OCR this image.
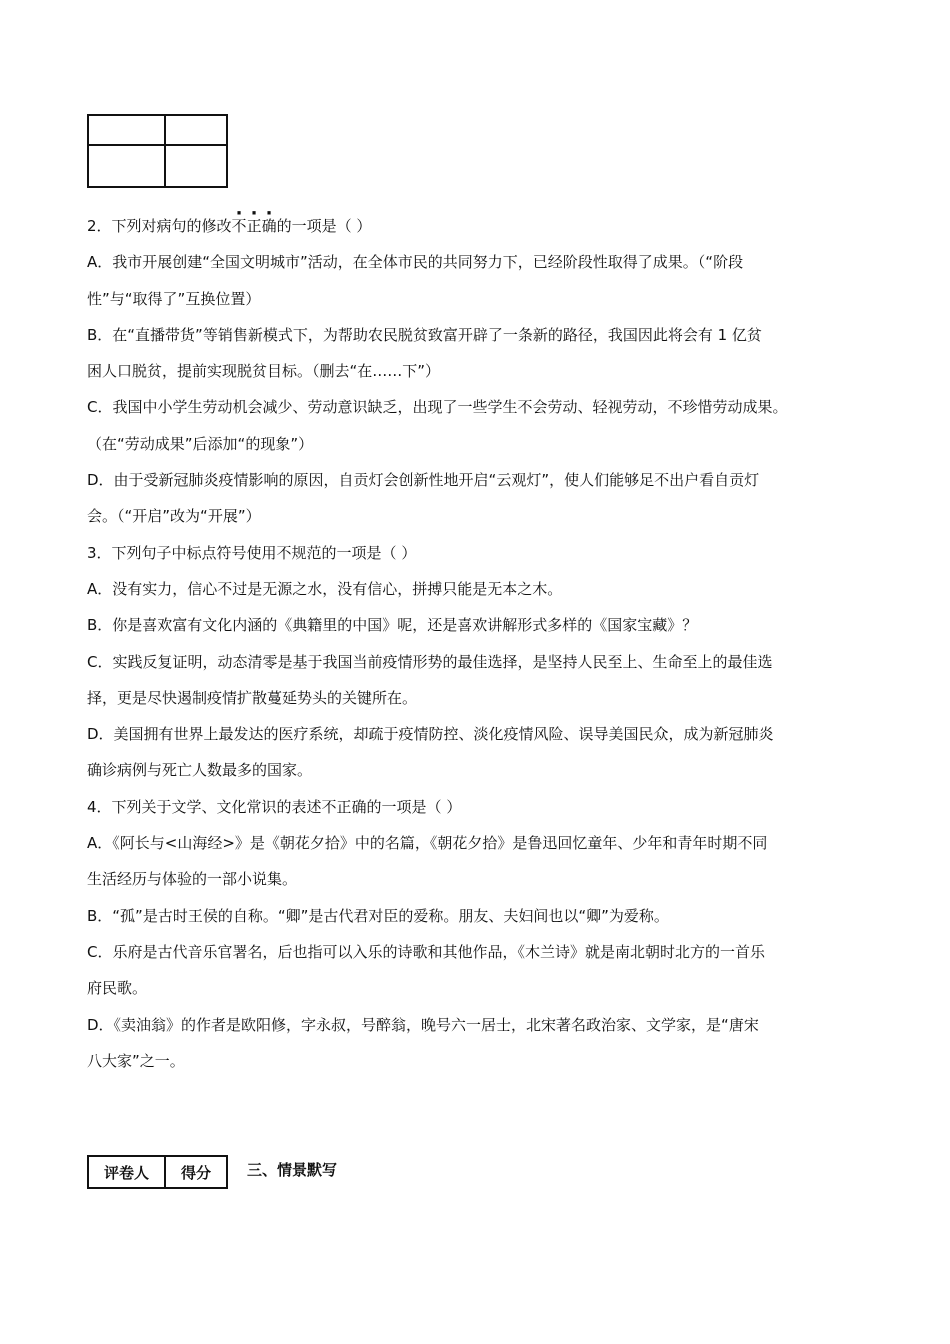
2．下列对病句的修改不正确的一项是（ ）
A．我市开展创建“全国文明城市”活动，在全体市民的共同努力下，已经阶段性取得了成果。（“阶段
性”与“取得了”互换位置）
B．在“直播带货”等销售新模式下，为帮助农民脱贫致富开辟了一条新的路径，我国因此将会有 1 亿贫
困人口脱贫，提前实现脱贫目标。（删去“在……下”）
C．我国中小学生劳动机会减少、劳动意识缺乏，出现了一些学生不会劳动、轻视劳动，不珍惜劳动成果。
（在“劳动成果”后添加“的现象”）
D．由于受新冠肺炎疫情影响的原因，自贡灯会创新性地开启“云观灯”，使人们能够足不出户看自贡灯
会。（“开启”改为“开展”）
3．下列句子中标点符号使用不规范的一项是（ ）
A．没有实力，信心不过是无源之水，没有信心，拼搏只能是无本之木。
B．你是喜欢富有文化内涵的《典籍里的中国》呢，还是喜欢讲解形式多样的《国家宝藏》？
C．实践反复证明，动态清零是基于我国当前疫情形势的最佳选择，是坚持人民至上、生命至上的最佳选
择，更是尽快遏制疫情扩散蔓延势头的关键所在。
D．美国拥有世界上最发达的医疗系统，却疏于疫情防控、淡化疫情风险、误导美国民众，成为新冠肺炎
确诊病例与死亡人数最多的国家。
4．下列关于文学、文化常识的表述不正确的一项是（ ）
A．《阿长与<山海经>》是《朝花夕拾》中的名篇，《朝花夕拾》是鲁迅回忆童年、少年和青年时期不同
生活经历与体验的一部小说集。
B．“孤”是古时王侯的自称。“卿”是古代君对臣的爱称。朋友、夫妇间也以“卿”为爱称。
C．乐府是古代音乐官署名，后也指可以入乐的诗歌和其他作品，《木兰诗》就是南北朝时北方的一首乐
府民歌。
D．《卖油翁》的作者是欧阳修，字永叔，号醉翁，晚号六一居士，北宋著名政治家、文学家，是“唐宋
八大家”之一。
评卷人	得分 三、情景默写
